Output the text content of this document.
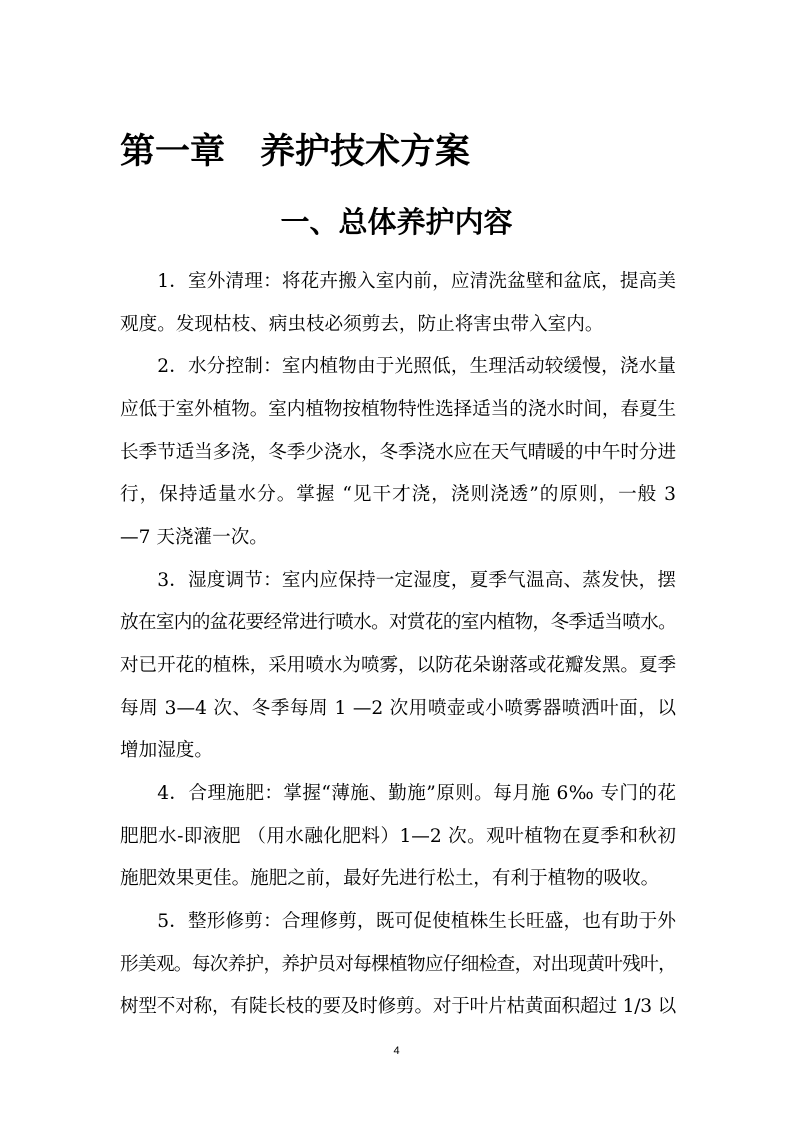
第一章　养护技术方案
一、总体养护内容
1．室外清理：将花卉搬入室内前，应清洗盆壁和盆底，提高美
观度。发现枯枝、病虫枝必须剪去，防止将害虫带入室内。
2．水分控制：室内植物由于光照低，生理活动较缓慢，浇水量
应低于室外植物。室内植物按植物特性选择适当的浇水时间，春夏生
长季节适当多浇，冬季少浇水，冬季浇水应在天气晴暖的中午时分进
行，保持适量水分。掌握 “见干才浇，浇则浇透”的原则，一般 3
—7 天浇灌一次。
3．湿度调节：室内应保持一定湿度，夏季气温高、蒸发快，摆
放在室内的盆花要经常进行喷水。对赏花的室内植物，冬季适当喷水。
对已开花的植株，采用喷水为喷雾，以防花朵谢落或花瓣发黑。夏季
每周 3—4 次、冬季每周 1 —2 次用喷壶或小喷雾器喷洒叶面，以
增加湿度。
4．合理施肥：掌握“薄施、勤施”原则。每月施 6‰ 专门的花
肥肥水-即液肥 （用水融化肥料）1—2 次。观叶植物在夏季和秋初
施肥效果更佳。施肥之前，最好先进行松土，有利于植物的吸收。
5．整形修剪：合理修剪，既可促使植株生长旺盛，也有助于外
形美观。每次养护，养护员对每棵植物应仔细检查，对出现黄叶残叶，
树型不对称，有陡长枝的要及时修剪。对于叶片枯黄面积超过 1/3 以
4
